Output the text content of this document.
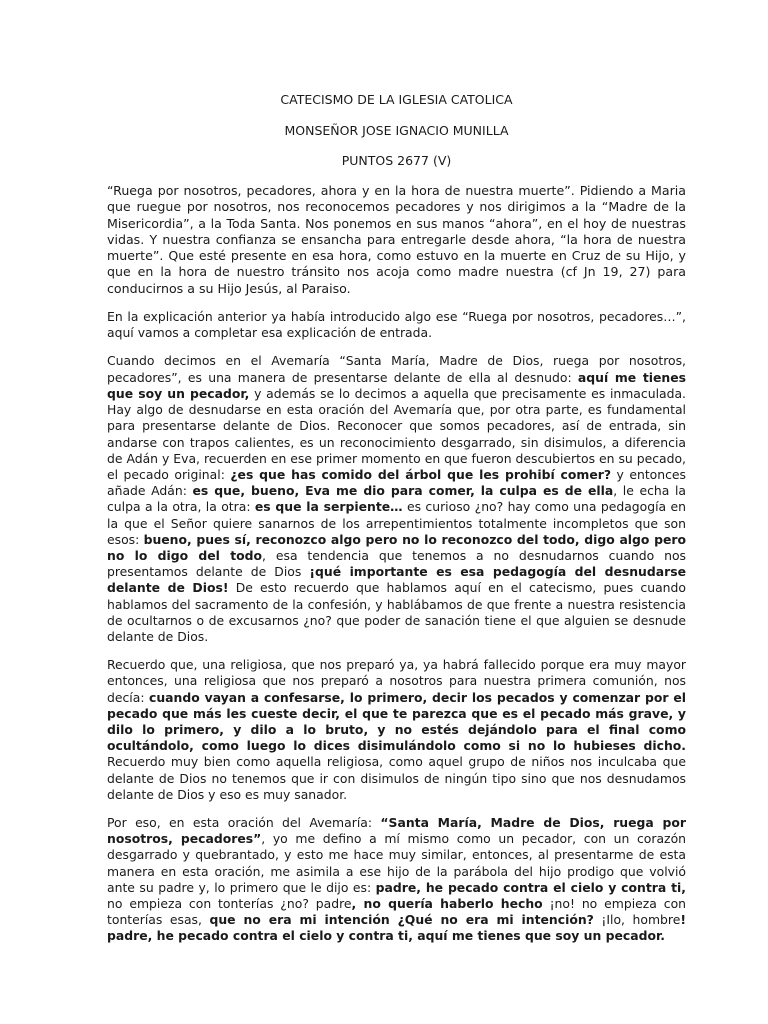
CATECISMO DE LA IGLESIA CATOLICA
MONSEÑOR JOSE IGNACIO MUNILLA
PUNTOS 2677 (V)

“Ruega por nosotros, pecadores, ahora y en la hora de nuestra muerte”. Pidiendo a Maria que ruegue por nosotros, nos reconocemos pecadores y nos dirigimos a la “Madre de la Misericordia”, a la Toda Santa. Nos ponemos en sus manos “ahora”, en el hoy de nuestras vidas. Y nuestra confianza se ensancha para entregarle desde ahora, “la hora de nuestra muerte”. Que esté presente en esa hora, como estuvo en la muerte en Cruz de su Hijo, y que en la hora de nuestro tránsito nos acoja como madre nuestra (cf Jn 19, 27) para conducirnos a su Hijo Jesús, al Paraiso.

En la explicación anterior ya había introducido algo ese “Ruega por nosotros, pecadores…”, aquí vamos a completar esa explicación de entrada.

Cuando decimos en el Avemaría “Santa María, Madre de Dios, ruega por nosotros, pecadores”, es una manera de presentarse delante de ella al desnudo: aquí me tienes que soy un pecador, y además se lo decimos a aquella que precisamente es inmaculada. Hay algo de desnudarse en esta oración del Avemaría que, por otra parte, es fundamental para presentarse delante de Dios. Reconocer que somos pecadores, así de entrada, sin andarse con trapos calientes, es un reconocimiento desgarrado, sin disimulos, a diferencia de Adán y Eva, recuerden en ese primer momento en que fueron descubiertos en su pecado, el pecado original: ¿es que has comido del árbol que les prohibí comer? y entonces añade Adán: es que, bueno, Eva me dio para comer, la culpa es de ella, le echa la culpa a la otra, la otra: es que la serpiente… es curioso ¿no? hay como una pedagogía en la que el Señor quiere sanarnos de los arrepentimientos totalmente incompletos que son esos: bueno, pues sí, reconozco algo pero no lo reconozco del todo, digo algo pero no lo digo del todo, esa tendencia que tenemos a no desnudarnos cuando nos presentamos delante de Dios ¡qué importante es esa pedagogía del desnudarse delante de Dios! De esto recuerdo que hablamos aquí en el catecismo, pues cuando hablamos del sacramento de la confesión, y hablábamos de que frente a nuestra resistencia de ocultarnos o de excusarnos ¿no? que poder de sanación tiene el que alguien se desnude delante de Dios.

Recuerdo que, una religiosa, que nos preparó ya, ya habrá fallecido porque era muy mayor entonces, una religiosa que nos preparó a nosotros para nuestra primera comunión, nos decía: cuando vayan a confesarse, lo primero, decir los pecados y comenzar por el pecado que más les cueste decir, el que te parezca que es el pecado más grave, y dilo lo primero, y dilo a lo bruto, y no estés dejándolo para el final como ocultándolo, como luego lo dices disimulándolo como si no lo hubieses dicho. Recuerdo muy bien como aquella religiosa, como aquel grupo de niños nos inculcaba que delante de Dios no tenemos que ir con disimulos de ningún tipo sino que nos desnudamos delante de Dios y eso es muy sanador.

Por eso, en esta oración del Avemaría: “Santa María, Madre de Dios, ruega por nosotros, pecadores”, yo me defino a mí mismo como un pecador, con un corazón desgarrado y quebrantado, y esto me hace muy similar, entonces, al presentarme de esta manera en esta oración, me asimila a ese hijo de la parábola del hijo prodigo que volvió ante su padre y, lo primero que le dijo es: padre, he pecado contra el cielo y contra ti, no empieza con tonterías ¿no? padre, no quería haberlo hecho ¡no! no empieza con tonterías esas, que no era mi intención ¿Qué no era mi intención? ¡Ilo, hombre! padre, he pecado contra el cielo y contra ti, aquí me tienes que soy un pecador.
